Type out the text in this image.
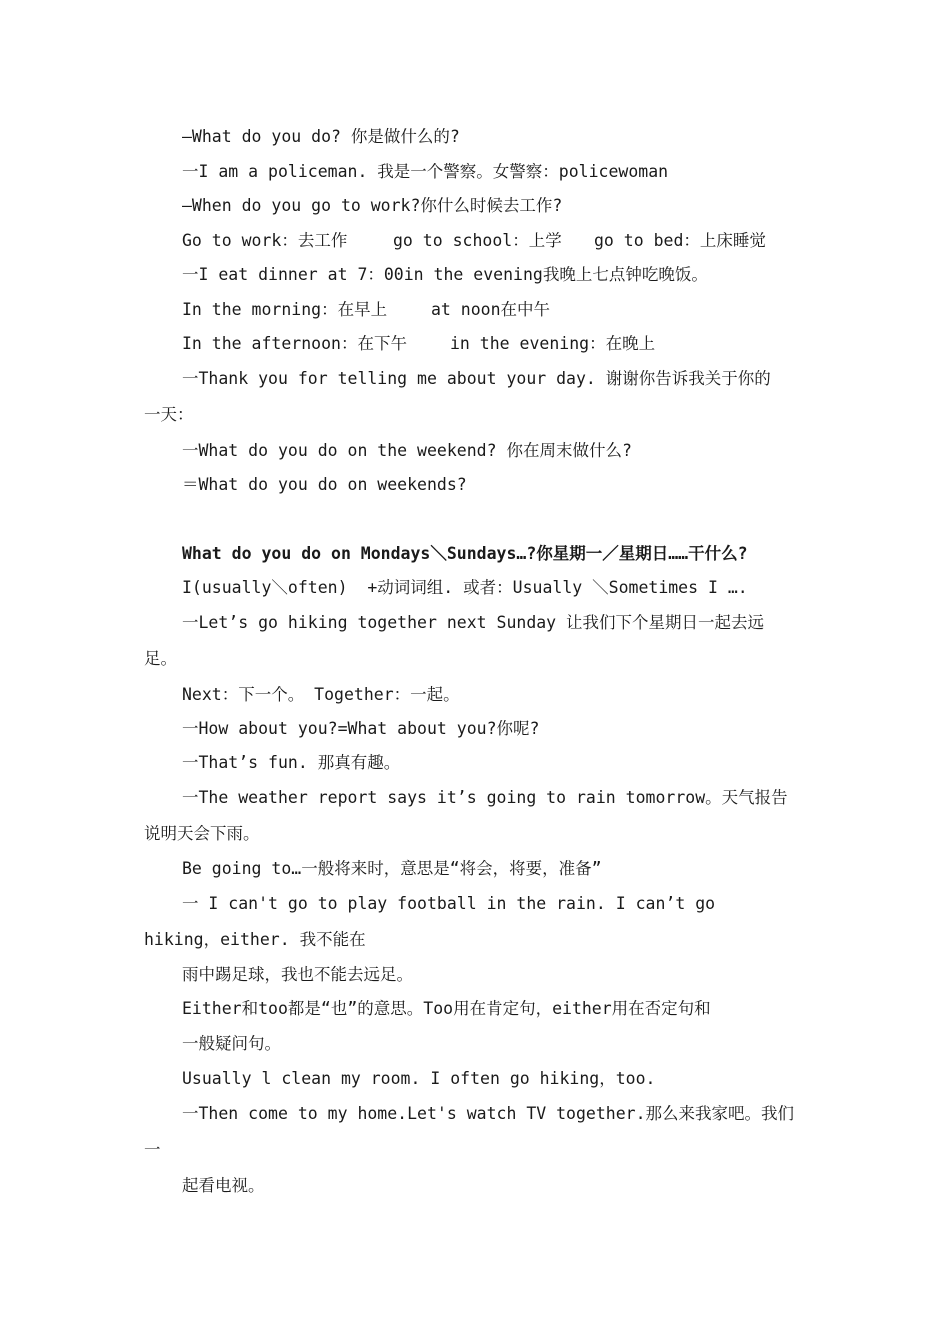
—What do you do? 你是做什么的?
一I am a policeman. 我是一个警察。女警察：policewoman
—When do you go to work?你什么时候去工作?
Go to work：去工作	go to school：上学 go to bed：上床睡觉
一I eat dinner at 7：00in the evening我晚上七点钟吃晚饭。
In the morning：在早上	at noon在中午
In the afternoon：在下午	in the evening：在晚上
一Thank you for telling me about your day. 谢谢你告诉我关于你的
一天：
一What do you do on the weekend? 你在周末做什么?
＝What do you do on weekends?
What do you do on Mondays＼Sundays…?你星期一／星期日……干什么?
I(usually＼often)  +动词词组. 或者：Usually ＼Sometimes I ….
一Let’s go hiking together next Sunday 让我们下个星期日一起去远
足。
Next：下一个。 Together：一起。
一How about you?=What about you?你呢?
一That’s fun. 那真有趣。
一The weather report says it’s going to rain tomorrow。天气报告
说明天会下雨。
Be going to…一般将来时，意思是“将会，将要，准备”
一 I can't go to play football in the rain. I can’t go
hiking，either. 我不能在
雨中踢足球，我也不能去远足。
Either和too都是“也”的意思。Too用在肯定句，either用在否定句和
一般疑问句。
Usually l clean my room. I often go hiking，too.
一Then come to my home.Let's watch TV together.那么来我家吧。我们
一
起看电视。
